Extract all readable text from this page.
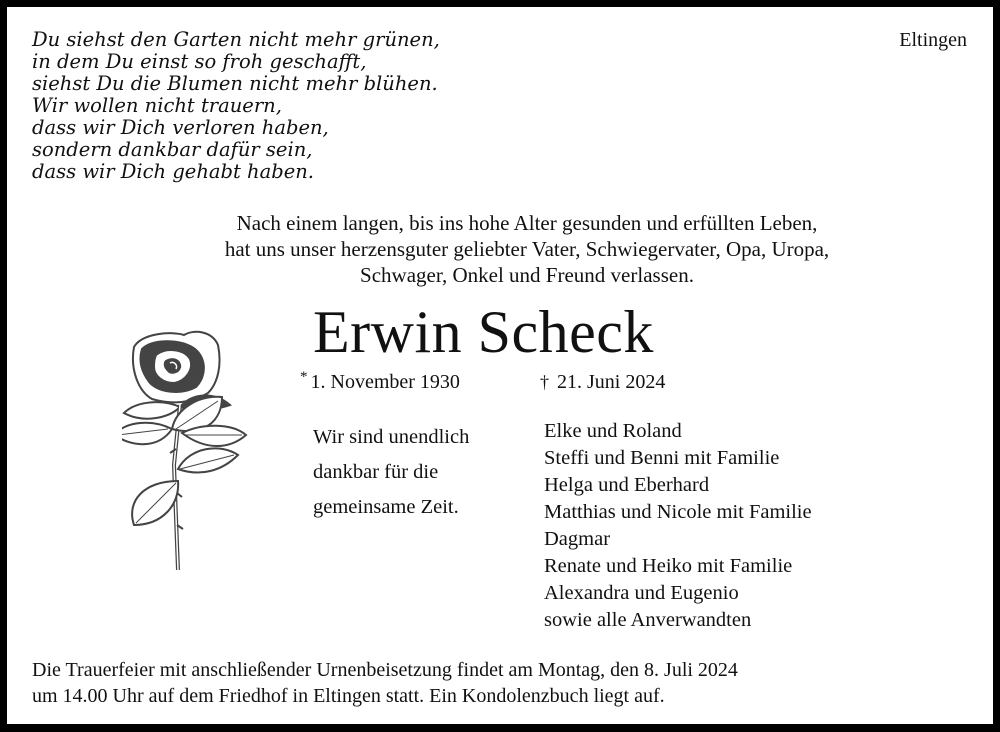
Du siehst den Garten nicht mehr grünen,
in dem Du einst so froh geschafft,
siehst Du die Blumen nicht mehr blühen.
Wir wollen nicht trauern,
dass wir Dich verloren haben,
sondern dankbar dafür sein,
dass wir Dich gehabt haben.
Eltingen
Nach einem langen, bis ins hohe Alter gesunden und erfüllten Leben,
hat uns unser herzensguter geliebter Vater, Schwiegervater, Opa, Uropa,
Schwager, Onkel und Freund verlassen.
Erwin Scheck
* 1. November 1930	† 21. Juni 2024
Wir sind unendlich
dankbar für die
gemeinsame Zeit.
Elke und Roland
Steffi und Benni mit Familie
Helga und Eberhard
Matthias und Nicole mit Familie
Dagmar
Renate und Heiko mit Familie
Alexandra und Eugenio
sowie alle Anverwandten
Die Trauerfeier mit anschließender Urnenbeisetzung findet am Montag, den 8. Juli 2024
um 14.00 Uhr auf dem Friedhof in Eltingen statt. Ein Kondolenzbuch liegt auf.
